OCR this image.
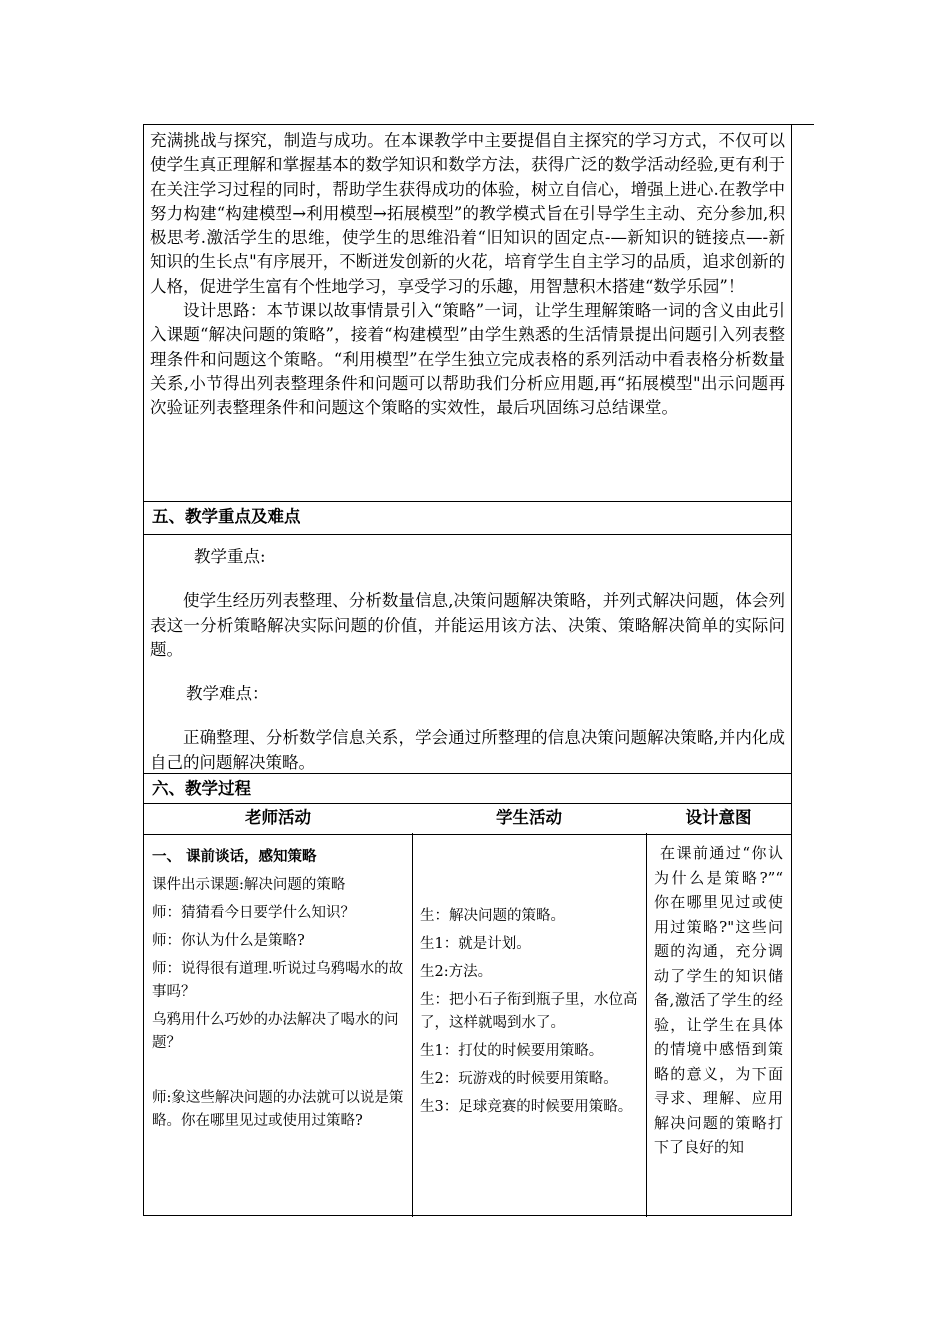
充满挑战与探究，制造与成功。在本课教学中主要提倡自主探究的学习方式，不仅可以使学生真正理解和掌握基本的数学知识和数学方法，获得广泛的数学活动经验,更有利于在关注学习过程的同时，帮助学生获得成功的体验，树立自信心，增强上进心.在教学中努力构建“构建模型→利用模型→拓展模型”的教学模式旨在引导学生主动、充分参加,积极思考.激活学生的思维，使学生的思维沿着“旧知识的固定点-—新知识的链接点—-新知识的生长点"有序展开，不断迸发创新的火花，培育学生自主学习的品质，追求创新的人格，促进学生富有个性地学习，享受学习的乐趣，用智慧积木搭建“数学乐园”！

设计思路：本节课以故事情景引入“策略”一词，让学生理解策略一词的含义由此引入课题“解决问题的策略”，接着“构建模型”由学生熟悉的生活情景提出问题引入列表整理条件和问题这个策略。“利用模型”在学生独立完成表格的系列活动中看表格分析数量关系,小节得出列表整理条件和问题可以帮助我们分析应用题,再“拓展模型"出示问题再次验证列表整理条件和问题这个策略的实效性，最后巩固练习总结课堂。

五、教学重点及难点

教学重点:

使学生经历列表整理、分析数量信息,决策问题解决策略，并列式解决问题，体会列表这一分析策略解决实际问题的价值，并能运用该方法、决策、策略解决简单的实际问题。

教学难点：

正确整理、分析数学信息关系，学会通过所整理的信息决策问题解决策略,并内化成自己的问题解决策略。

六、教学过程
老师活动

一、 课前谈话，感知策略

课件出示课题:解决问题的策略

师：猜猜看今日要学什么知识？

师：你认为什么是策略?

师：说得很有道理.听说过乌鸦喝水的故事吗？

乌鸦用什么巧妙的办法解决了喝水的问题？

师:象这些解决问题的办法就可以说是策略。你在哪里见过或使用过策略?

学生活动

生：解决问题的策略。

生1：就是计划。

生2:方法。

生：把小石子衔到瓶子里，水位高了，这样就喝到水了。

生1：打仗的时候要用策略。

生2：玩游戏的时候要用策略。

生3：足球竞赛的时候要用策略。

设计意图
在课前通过“你认为什么是策略?”“ 你在哪里见过或使用过策略?"这些问题的沟通，充分调动了学生的知识储备,激活了学生的经验，让学生在具体的情境中感悟到策略的意义，为下面寻求、理解、应用解决问题的策略打下了良好的知
